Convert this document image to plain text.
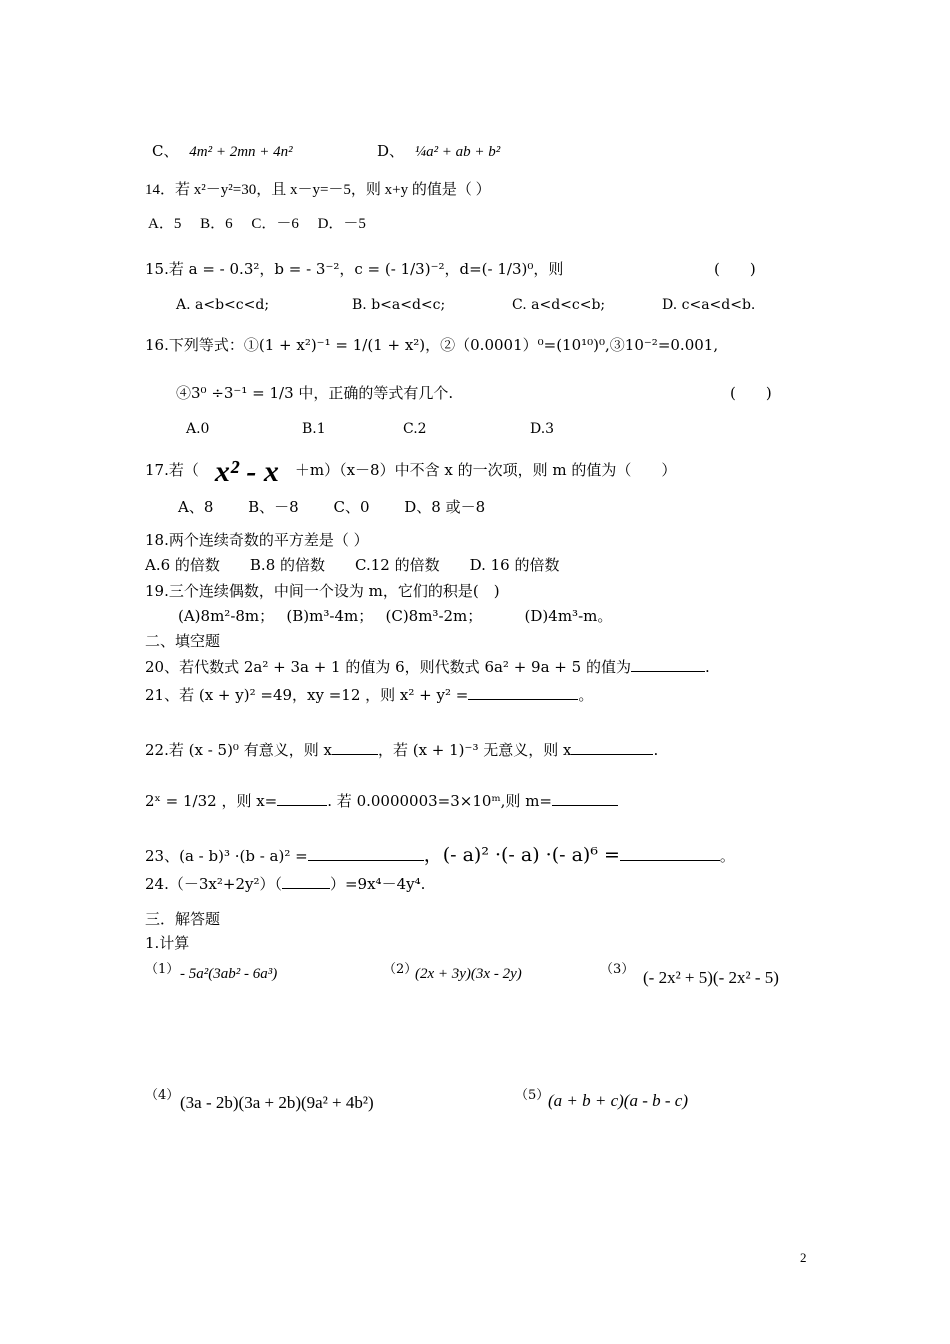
C、 4m² + 2mn + 4n²	D、 ¼a² + ab + b²
14．若 x²－y²=30，且 x－y=－5，则 x+y 的值是（ ）
A．5　 B．6　 C．－6　 D．－5
15.若 a = - 0.3²，b = - 3⁻²，c = (- 1/3)⁻²，d=(- 1/3)⁰，则	(　　)
A. a<b<c<d;	B. b<a<d<c;	C. a<d<c<b;	D. c<a<d<b.
16.下列等式：①(1 + x²)⁻¹ = 1/(1 + x²)，②（0.0001）⁰=(10¹⁰)⁰,③10⁻²=0.001,
④3⁰ ÷3⁻¹ = 1/3 中，正确的等式有几个.	(　　)
A.0	B.1	C.2	D.3
17.若（ x² - x ＋m）（x－8）中不含 x 的一次项，则 m 的值为（　　）
A、8　　 B、－8　　 C、0　　 D、8 或－8
18.两个连续奇数的平方差是（ ）
A.6 的倍数　　B.8 的倍数　　C.12 的倍数　　D. 16 的倍数
19.三个连续偶数，中间一个设为 m，它们的积是(　)
(A)8m²-8m；　 (B)m³-4m；　 (C)8m³-2m；　　　 (D)4m³-m。
二、填空题
20、若代数式 2a² + 3a + 1 的值为 6，则代数式 6a² + 9a + 5 的值为	.
21、若 (x + y)² =49，xy =12 ，则 x² + y² =	。
22.若 (x - 5)⁰ 有意义，则 x	，若 (x + 1)⁻³ 无意义，则 x	.
2ˣ = 1/32 ，则 x=	. 若 0.0000003=3×10ᵐ,则 m=
23、(a - b)³ ·(b - a)² =	，(- a)² ·(- a) ·(- a)⁶ =	。
24.（－3x²+2y²）（	）=9x⁴－4y⁴.
三．解答题
1.计算
（1） - 5a²(3ab² - 6a³)	（2）
(2x + 3y)(3x - 2y)	（3） (- 2x² + 5)(- 2x² - 5)
（4） (3a - 2b)(3a + 2b)(9a² + 4b²)	（5）
(a + b + c)(a - b - c)
2
